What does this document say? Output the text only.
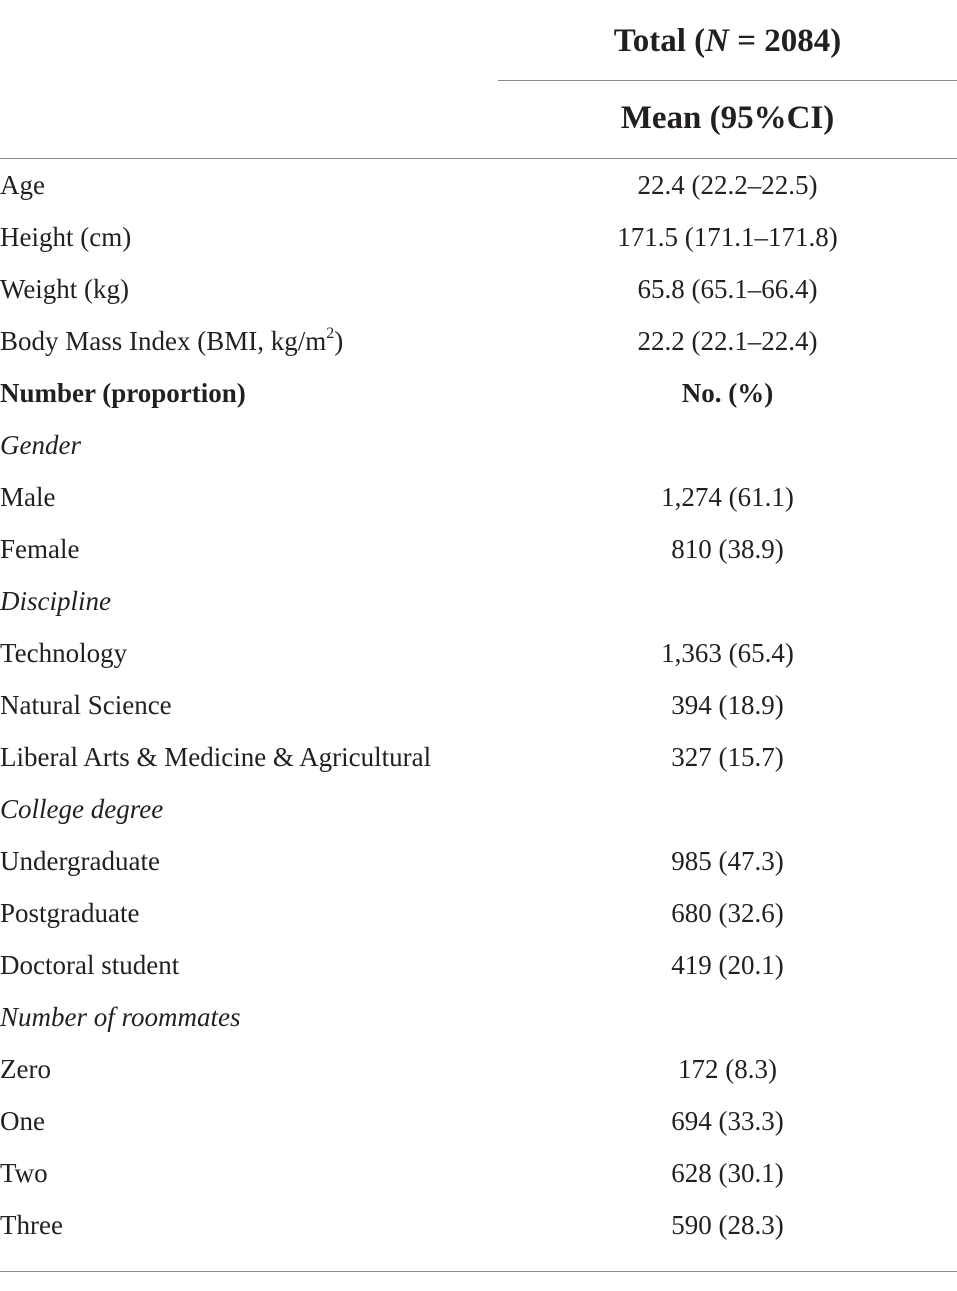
Total (N = 2084)
Mean (95%CI)
Age	22.4 (22.2–22.5)
Height (cm)	171.5 (171.1–171.8)
Weight (kg)	65.8 (65.1–66.4)
Body Mass Index (BMI, $kg/m^2$)	22.2 (22.1–22.4)
Number (proportion)	No. (%)
Gender
Male	1,274 (61.1)
Female	810 (38.9)
Discipline
Technology	1,363 (65.4)
Natural Science	394 (18.9)
Liberal Arts & Medicine & Agricultural	327 (15.7)
College degree
Undergraduate	985 (47.3)
Postgraduate	680 (32.6)
Doctoral student	419 (20.1)
Number of roommates
Zero	172 (8.3)
One	694 (33.3)
Two	628 (30.1)
Three	590 (28.3)
